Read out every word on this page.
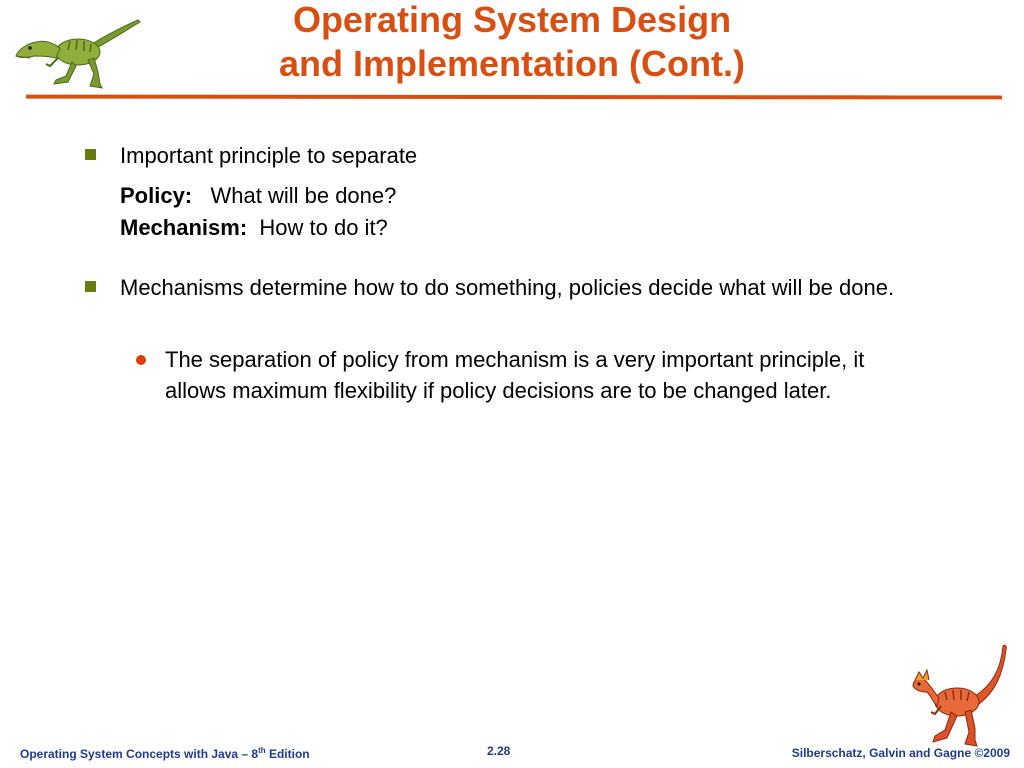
Operating System Design
and Implementation (Cont.)
Important principle to separate
Policy: What will be done?
Mechanism: How to do it?
Mechanisms determine how to do something, policies decide what will be done.
The separation of policy from mechanism is a very important principle, it allows maximum flexibility if policy decisions are to be changed later.
Operating System Concepts with Java – 8th Edition	2.28	Silberschatz, Galvin and Gagne ©2009
